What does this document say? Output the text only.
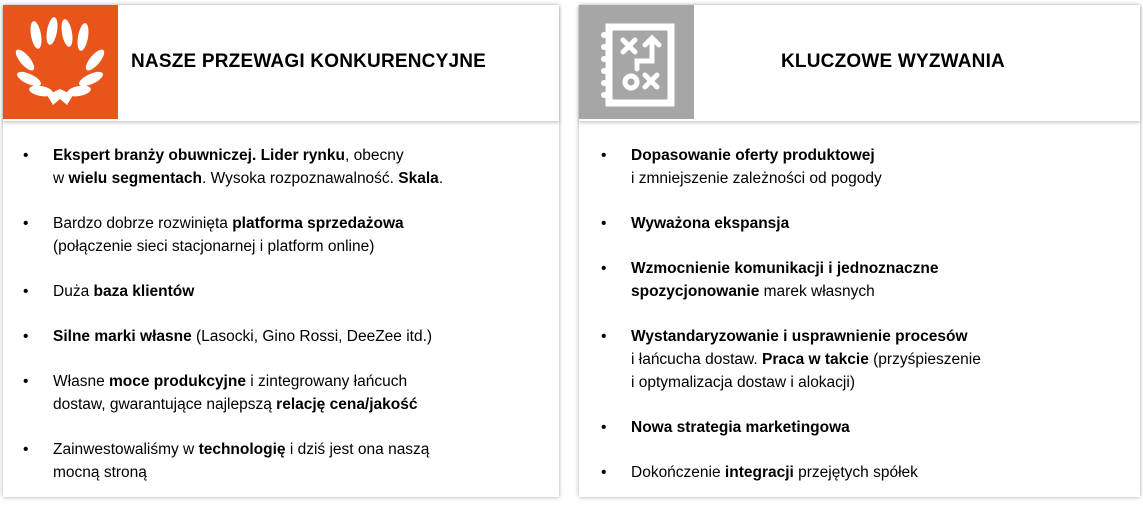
NASZE PRZEWAGI KONKURENCYJNE
• Ekspert branży obuwniczej. Lider rynku, obecny
w wielu segmentach. Wysoka rozpoznawalność. Skala.
• Bardzo dobrze rozwinięta platforma sprzedażowa
(połączenie sieci stacjonarnej i platform online)
• Duża baza klientów
• Silne marki własne (Lasocki, Gino Rossi, DeeZee itd.)
• Własne moce produkcyjne i zintegrowany łańcuch
dostaw, gwarantujące najlepszą relację cena/jakość
• Zainwestowaliśmy w technologię i dziś jest ona naszą
mocną stroną
KLUCZOWE WYZWANIA
• Dopasowanie oferty produktowej
i zmniejszenie zależności od pogody
• Wyważona ekspansja
• Wzmocnienie komunikacji i jednoznaczne
spozycjonowanie marek własnych
• Wystandaryzowanie i usprawnienie procesów
i łańcucha dostaw. Praca w takcie (przyśpieszenie
i optymalizacja dostaw i alokacji)
• Nowa strategia marketingowa
• Dokończenie integracji przejętych spółek
